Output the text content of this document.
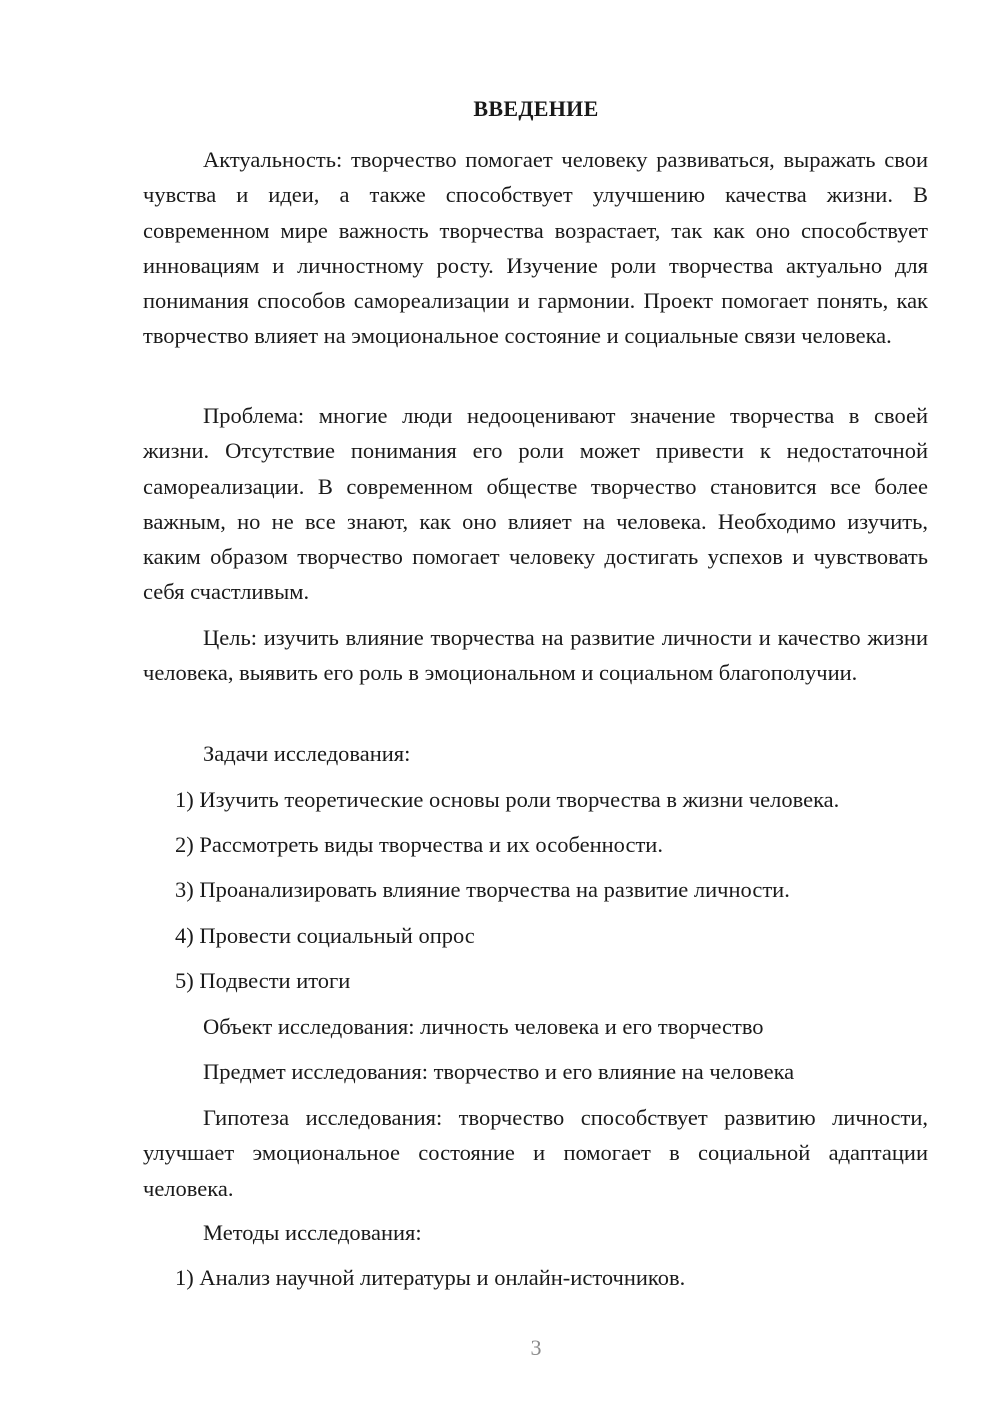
ВВЕДЕНИЕ

Актуальность: творчество помогает человеку развиваться, выражать свои чувства и идеи, а также способствует улучшению качества жизни. В современном мире важность творчества возрастает, так как оно способствует инновациям и личностному росту. Изучение роли творчества актуально для понимания способов самореализации и гармонии. Проект помогает понять, как творчество влияет на эмоциональное состояние и социальные связи человека.

Проблема: многие люди недооценивают значение творчества в своей жизни. Отсутствие понимания его роли может привести к недостаточной самореализации. В современном обществе творчество становится все более важным, но не все знают, как оно влияет на человека. Необходимо изучить, каким образом творчество помогает человеку достигать успехов и чувствовать себя счастливым.

Цель: изучить влияние творчества на развитие личности и качество жизни человека, выявить его роль в эмоциональном и социальном благополучии.

Задачи исследования:
1) Изучить теоретические основы роли творчества в жизни человека.
2) Рассмотреть виды творчества и их особенности.
3) Проанализировать влияние творчества на развитие личности.
4) Провести социальный опрос
5) Подвести итоги
Объект исследования: личность человека и его творчество
Предмет исследования: творчество и его влияние на человека

Гипотеза исследования: творчество способствует развитию личности, улучшает эмоциональное состояние и помогает в социальной адаптации человека.

Методы исследования:
1) Анализ научной литературы и онлайн-источников.
3
